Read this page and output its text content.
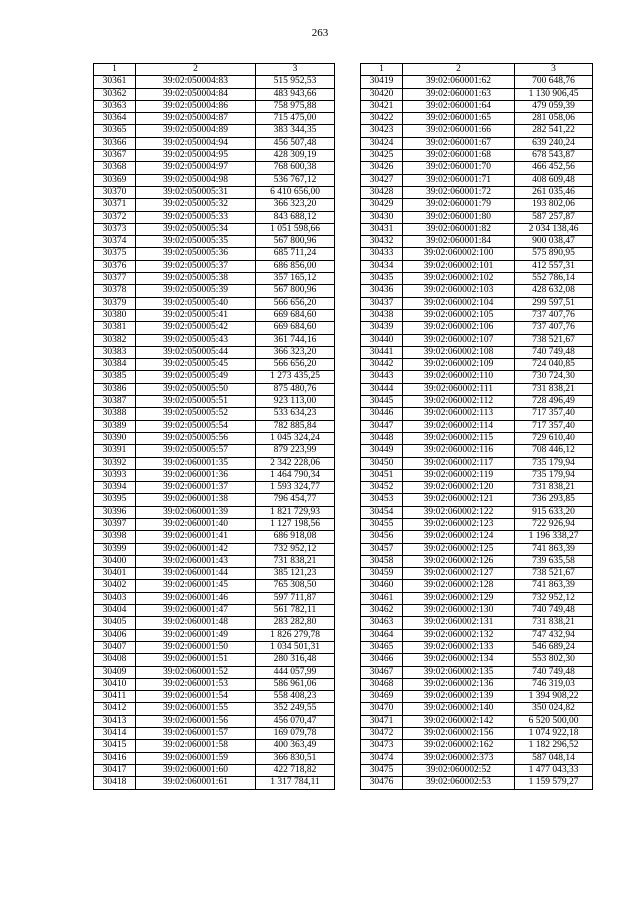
263
1	2	3
30361	39:02:050004:83	515 952,53
30362	39:02:050004:84	483 943,66
30363	39:02:050004:86	758 975,88
30364	39:02:050004:87	715 475,00
30365	39:02:050004:89	383 344,35
30366	39:02:050004:94	456 507,48
30367	39:02:050004:95	428 309,19
30368	39:02:050004:97	768 600,38
30369	39:02:050004:98	536 767,12
30370	39:02:050005:31	6 410 656,00
30371	39:02:050005:32	366 323,20
30372	39:02:050005:33	843 688,12
30373	39:02:050005:34	1 051 598,66
30374	39:02:050005:35	567 800,96
30375	39:02:050005:36	685 711,24
30376	39:02:050005:37	686 856,00
30377	39:02:050005:38	357 165,12
30378	39:02:050005:39	567 800,96
30379	39:02:050005:40	566 656,20
30380	39:02:050005:41	669 684,60
30381	39:02:050005:42	669 684,60
30382	39:02:050005:43	361 744,16
30383	39:02:050005:44	366 323,20
30384	39:02:050005:45	566 656,20
30385	39:02:050005:49	1 273 435,25
30386	39:02:050005:50	875 480,76
30387	39:02:050005:51	923 113,00
30388	39:02:050005:52	533 634,23
30389	39:02:050005:54	782 885,84
30390	39:02:050005:56	1 045 324,24
30391	39:02:050005:57	879 223,99
30392	39:02:060001:35	2 342 228,06
30393	39:02:060001:36	1 464 790,34
30394	39:02:060001:37	1 593 324,77
30395	39:02:060001:38	796 454,77
30396	39:02:060001:39	1 821 729,93
30397	39:02:060001:40	1 127 198,56
30398	39:02:060001:41	686 918,08
30399	39:02:060001:42	732 952,12
30400	39:02:060001:43	731 838,21
30401	39:02:060001:44	385 121,23
30402	39:02:060001:45	765 308,50
30403	39:02:060001:46	597 711,87
30404	39:02:060001:47	561 782,11
30405	39:02:060001:48	283 282,80
30406	39:02:060001:49	1 826 279,78
30407	39:02:060001:50	1 034 501,31
30408	39:02:060001:51	280 316,48
30409	39:02:060001:52	444 057,99
30410	39:02:060001:53	586 961,06
30411	39:02:060001:54	558 408,23
30412	39:02:060001:55	352 249,55
30413	39:02:060001:56	456 070,47
30414	39:02:060001:57	169 079,78
30415	39:02:060001:58	400 363,49
30416	39:02:060001:59	366 830,51
30417	39:02:060001:60	422 718,82
30418	39:02:060001:61	1 317 784,11
1	2	3
30419	39:02:060001:62	700 648,76
30420	39:02:060001:63	1 130 906,45
30421	39:02:060001:64	479 059,39
30422	39:02:060001:65	281 058,06
30423	39:02:060001:66	282 541,22
30424	39:02:060001:67	639 240,24
30425	39:02:060001:68	678 543,87
30426	39:02:060001:70	466 452,56
30427	39:02:060001:71	408 609,48
30428	39:02:060001:72	261 035,46
30429	39:02:060001:79	193 802,06
30430	39:02:060001:80	587 257,87
30431	39:02:060001:82	2 034 138,46
30432	39:02:060001:84	900 038,47
30433	39:02:060002:100	575 890,95
30434	39:02:060002:101	412 557,31
30435	39:02:060002:102	552 786,14
30436	39:02:060002:103	428 632,08
30437	39:02:060002:104	299 597,51
30438	39:02:060002:105	737 407,76
30439	39:02:060002:106	737 407,76
30440	39:02:060002:107	738 521,67
30441	39:02:060002:108	740 749,48
30442	39:02:060002:109	724 040,85
30443	39:02:060002:110	730 724,30
30444	39:02:060002:111	731 838,21
30445	39:02:060002:112	728 496,49
30446	39:02:060002:113	717 357,40
30447	39:02:060002:114	717 357,40
30448	39:02:060002:115	729 610,40
30449	39:02:060002:116	708 446,12
30450	39:02:060002:117	735 179,94
30451	39:02:060002:119	735 179,94
30452	39:02:060002:120	731 838,21
30453	39:02:060002:121	736 293,85
30454	39:02:060002:122	915 633,20
30455	39:02:060002:123	722 926,94
30456	39:02:060002:124	1 196 338,27
30457	39:02:060002:125	741 863,39
30458	39:02:060002:126	739 635,58
30459	39:02:060002:127	738 521,67
30460	39:02:060002:128	741 863,39
30461	39:02:060002:129	732 952,12
30462	39:02:060002:130	740 749,48
30463	39:02:060002:131	731 838,21
30464	39:02:060002:132	747 432,94
30465	39:02:060002:133	546 689,24
30466	39:02:060002:134	553 802,30
30467	39:02:060002:135	740 749,48
30468	39:02:060002:136	746 319,03
30469	39:02:060002:139	1 394 908,22
30470	39:02:060002:140	350 024,82
30471	39:02:060002:142	6 520 500,00
30472	39:02:060002:156	1 074 922,18
30473	39:02:060002:162	1 182 296,52
30474	39:02:060002:373	587 048,14
30475	39:02:060002:52	1 477 043,33
30476	39:02:060002:53	1 159 579,27
